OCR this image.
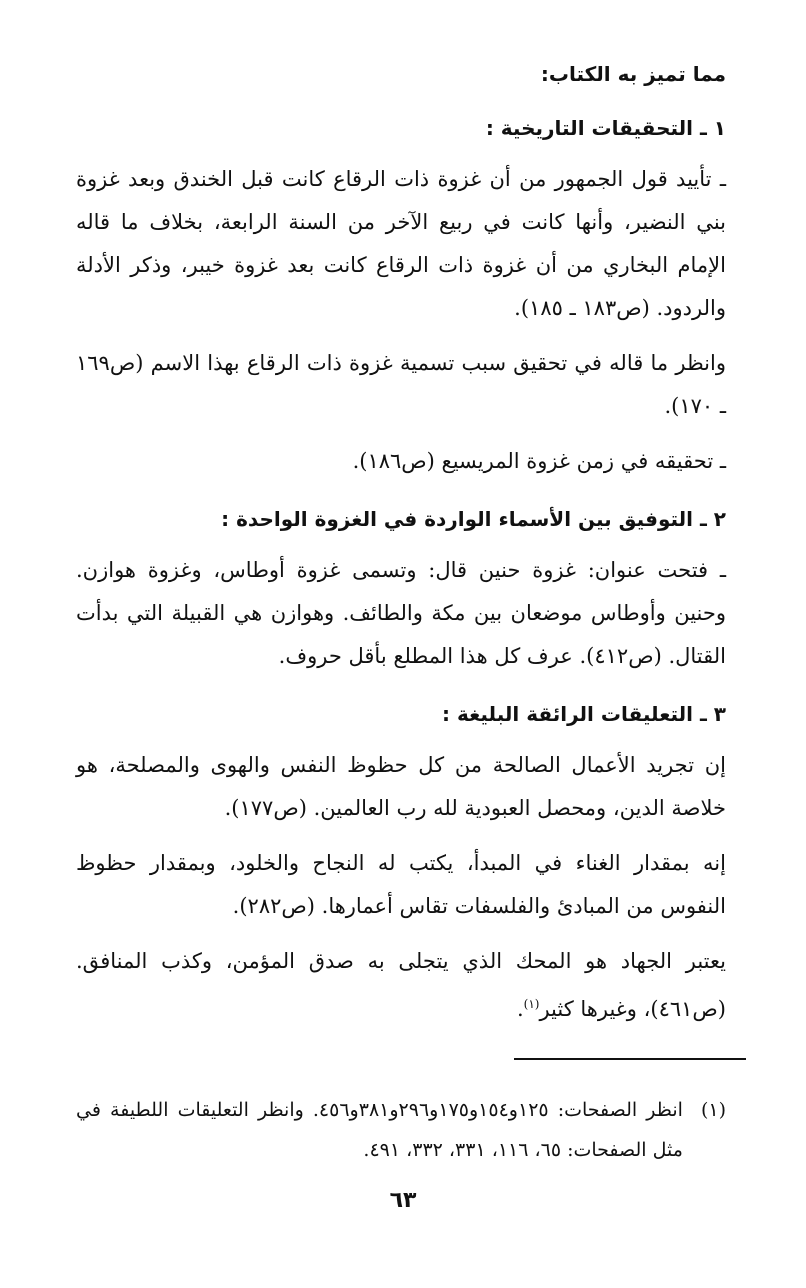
مما تميز به الكتاب:
١ ـ التحقيقات التاريخية :

ـ تأييد قول الجمهور من أن غزوة ذات الرقاع كانت قبل الخندق وبعد غزوة بني النضير، وأنها كانت في ربيع الآخر من السنة الرابعة، بخلاف ما قاله الإمام البخاري من أن غزوة ذات الرقاع كانت بعد غزوة خيبر، وذكر الأدلة والردود. (ص١٨٣ ـ ١٨٥).

وانظر ما قاله في تحقيق سبب تسمية غزوة ذات الرقاع بهذا الاسم (ص١٦٩ ـ ١٧٠).

ـ تحقيقه في زمن غزوة المريسيع (ص١٨٦).

٢ ـ التوفيق بين الأسماء الواردة في الغزوة الواحدة :

ـ فتحت عنوان: غزوة حنين قال: وتسمى غزوة أوطاس، وغزوة هوازن. وحنين وأوطاس موضعان بين مكة والطائف. وهوازن هي القبيلة التي بدأت القتال. (ص٤١٢). عرف كل هذا المطلع بأقل حروف.

٣ ـ التعليقات الرائقة البليغة :

إن تجريد الأعمال الصالحة من كل حظوظ النفس والهوى والمصلحة، هو خلاصة الدين، ومحصل العبودية لله رب العالمين. (ص١٧٧).

إنه بمقدار الغناء في المبدأ، يكتب له النجاح والخلود، وبمقدار حظوظ النفوس من المبادئ والفلسفات تقاس أعمارها. (ص٢٨٢).

يعتبر الجهاد هو المحك الذي يتجلى به صدق المؤمن، وكذب المنافق. (ص٤٦١)، وغيرها كثير$^{(١)}$.

(١)
انظر الصفحات: ١٢٥و١٥٤و١٧٥و٢٩٦و٣٨١و٤٥٦. وانظر التعليقات اللطيفة في مثل الصفحات: ٦٥، ١١٦، ٣٣١، ٣٣٢، ٤٩١.
٦٣
